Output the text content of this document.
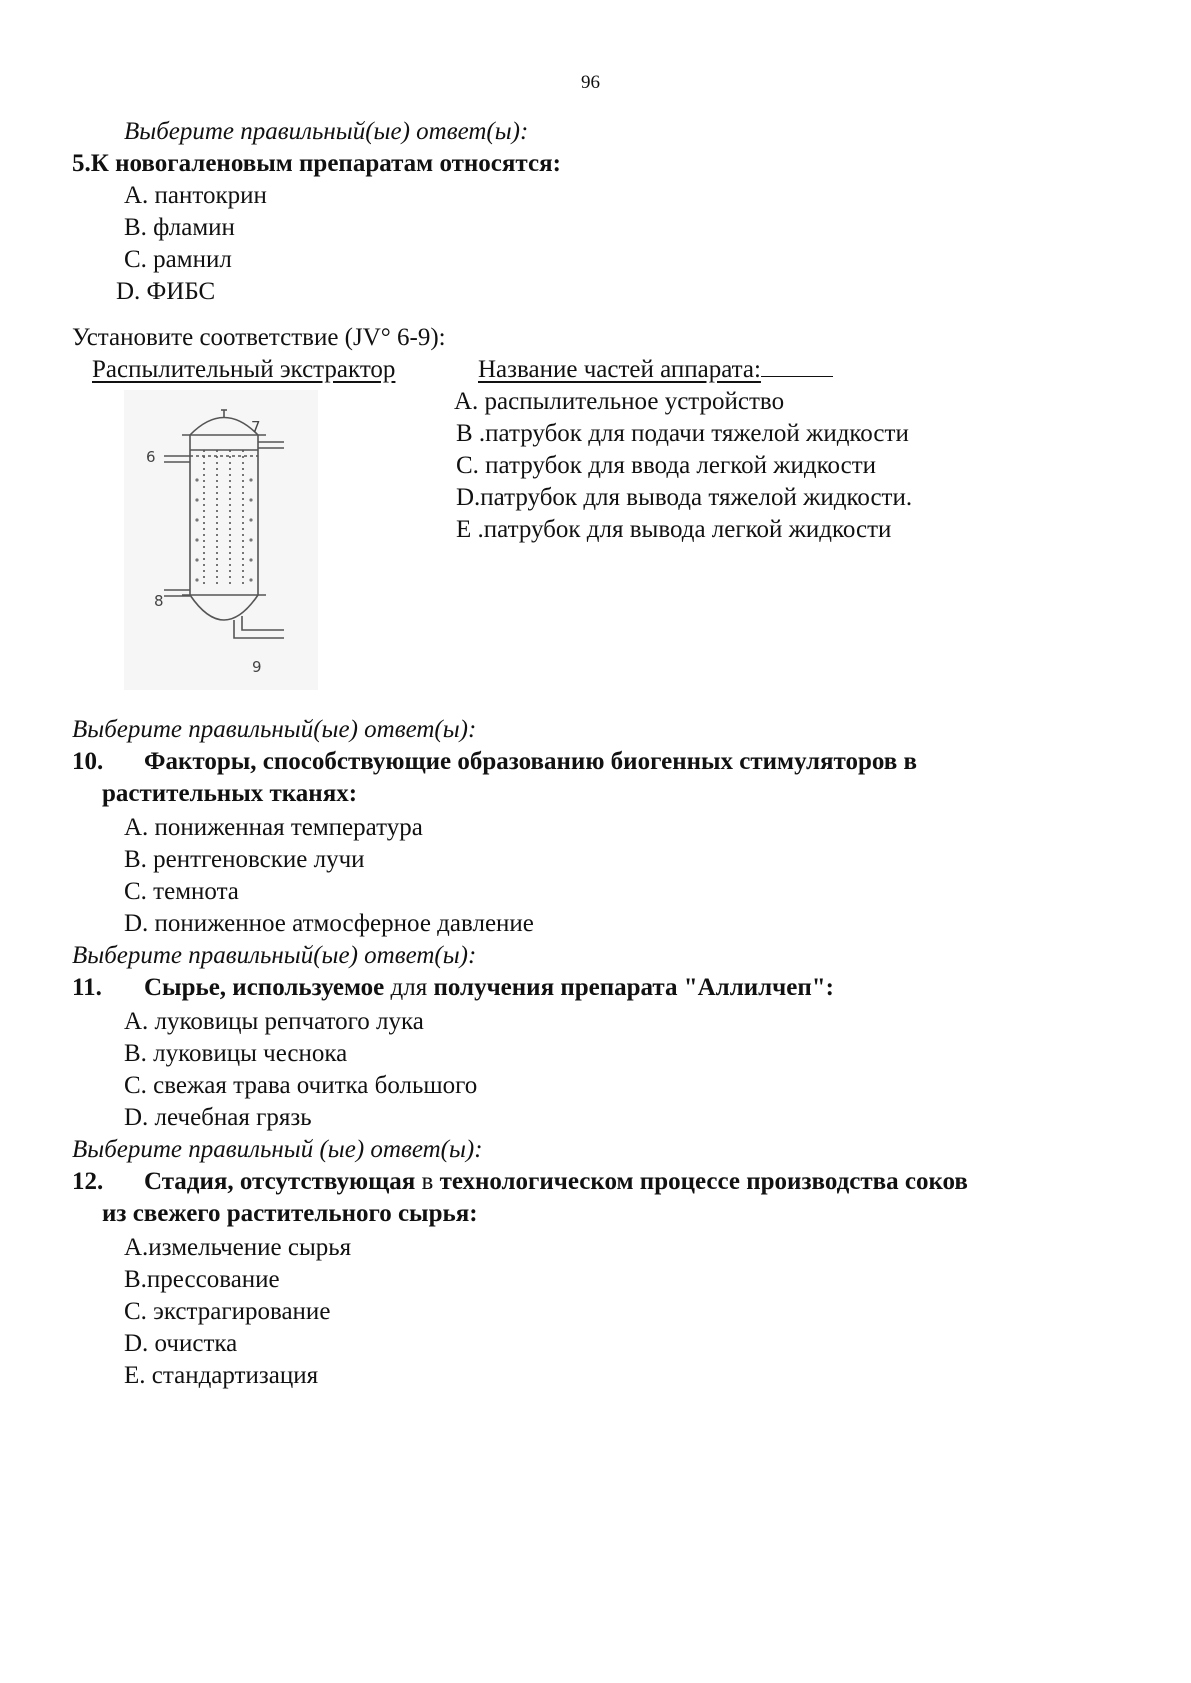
96
Выберите правильный(ые) ответ(ы):
5.К новогаленовым препаратам относятся:
A. пантокрин
B. фламин
C. рамнил
D. ФИБС
Установите соответствие (JV° 6-9):
Распылительный экстрактор	Название частей аппарата:
6
7
8
9
A. распылительное устройство
B .патрубок для подачи тяжелой жидкости
C. патрубок для ввода легкой жидкости
D.патрубок для вывода тяжелой жидкости.
E .патрубок для вывода легкой жидкости
Выберите правильный(ые) ответ(ы):
10. Факторы, способствующие образованию биогенных стимуляторов в
растительных тканях:
A. пониженная температура
B. рентгеновские лучи
C. темнота
D. пониженное атмосферное давление
Выберите правильный(ые) ответ(ы):
11. Сырье, используемое для получения препарата "Аллилчеп":
A. луковицы репчатого лука
B. луковицы чеснока
C. свежая трава очитка большого
D. лечебная грязь
Выберите правильный (ые) ответ(ы):
12. Стадия, отсутствующая в технологическом процессе производства соков
из свежего растительного сырья:
A.измельчение сырья
B.прессование
C. экстрагирование
D. очистка
E. стандартизация
